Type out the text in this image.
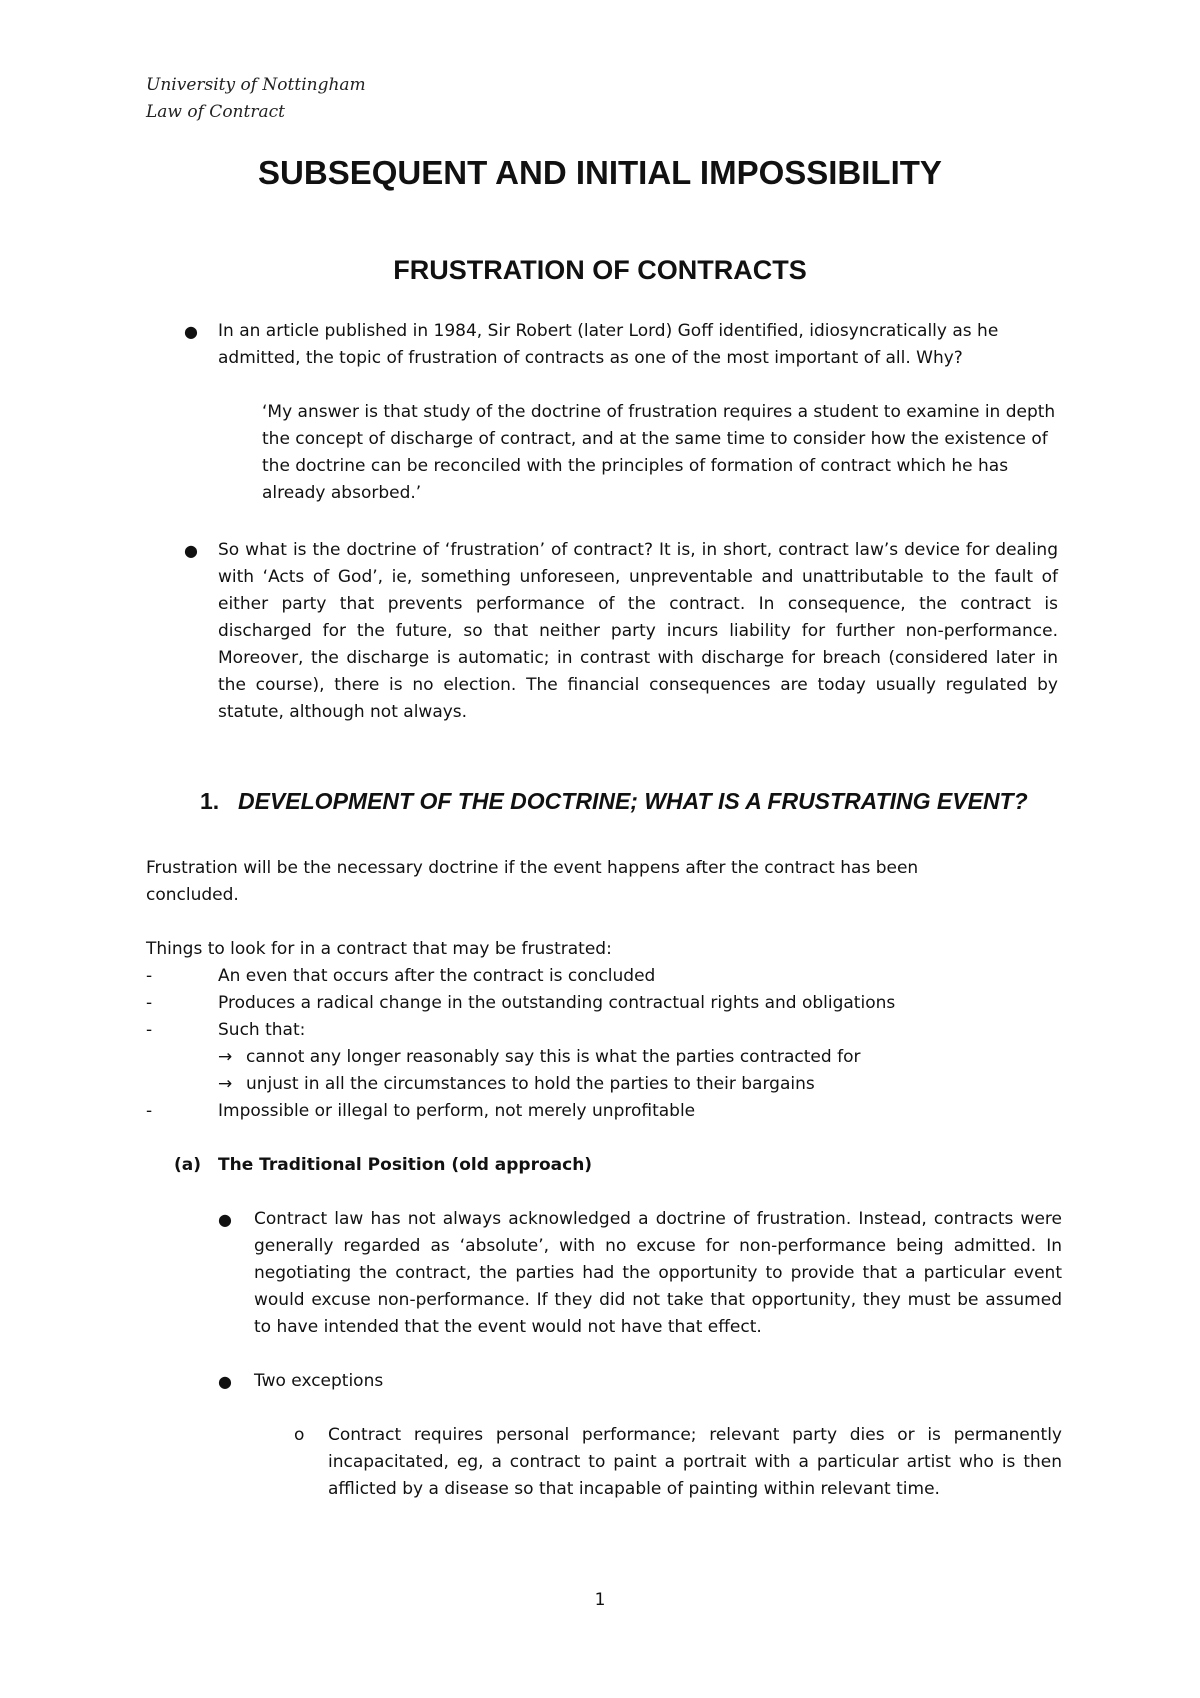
University of Nottingham
Law of Contract
SUBSEQUENT AND INITIAL IMPOSSIBILITY
FRUSTRATION OF CONTRACTS
●
In an article published in 1984, Sir Robert (later Lord) Goff identified, idiosyncratically as he admitted, the topic of frustration of contracts as one of the most important of all. Why?
‘My answer is that study of the doctrine of frustration requires a student to examine in depth the concept of discharge of contract, and at the same time to consider how the existence of the doctrine can be reconciled with the principles of formation of contract which he has already absorbed.’
●
So what is the doctrine of ‘frustration’ of contract? It is, in short, contract law’s device for dealing with ‘Acts of God’, ie, something unforeseen, unpreventable and unattributable to the fault of either party that prevents performance of the contract. In consequence, the contract is discharged for the future, so that neither party incurs liability for further non-performance. Moreover, the discharge is automatic; in contrast with discharge for breach (considered later in the course), there is no election. The financial consequences are today usually regulated by statute, although not always.
1. DEVELOPMENT OF THE DOCTRINE; WHAT IS A FRUSTRATING EVENT?
Frustration will be the necessary doctrine if the event happens after the contract has been concluded.
Things to look for in a contract that may be frustrated:
-	An even that occurs after the contract is concluded
-	Produces a radical change in the outstanding contractual rights and obligations
-	Such that:
→ cannot any longer reasonably say this is what the parties contracted for
→ unjust in all the circumstances to hold the parties to their bargains
-	Impossible or illegal to perform, not merely unprofitable
(a) The Traditional Position (old approach)
●
Contract law has not always acknowledged a doctrine of frustration. Instead, contracts were generally regarded as ‘absolute’, with no excuse for non-performance being admitted. In negotiating the contract, the parties had the opportunity to provide that a particular event would excuse non-performance. If they did not take that opportunity, they must be assumed to have intended that the event would not have that effect.
●
Two exceptions
o	Contract requires personal performance; relevant party dies or is permanently incapacitated, eg, a contract to paint a portrait with a particular artist who is then afflicted by a disease so that incapable of painting within relevant time.
1
